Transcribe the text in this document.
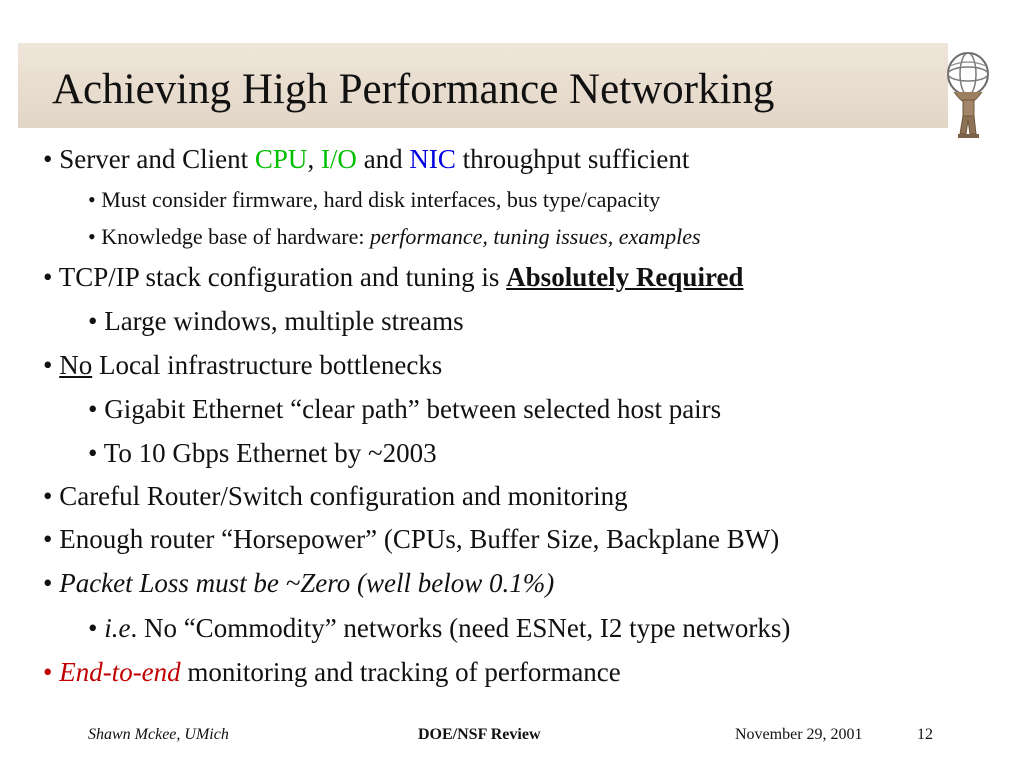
Achieving High Performance Networking
• Server and Client CPU, I/O and NIC throughput sufficient
• Must consider firmware, hard disk interfaces, bus type/capacity
• Knowledge base of hardware: performance, tuning issues, examples
• TCP/IP stack configuration and tuning is Absolutely Required
• Large windows, multiple streams
• No Local infrastructure bottlenecks
• Gigabit Ethernet “clear path” between selected host pairs
• To 10 Gbps Ethernet by ~2003
• Careful Router/Switch configuration and monitoring
• Enough router “Horsepower” (CPUs, Buffer Size, Backplane BW)
• Packet Loss must be ~Zero (well below 0.1%)
• i.e. No “Commodity” networks (need ESNet, I2 type networks)
• End-to-end monitoring and tracking of performance
Shawn Mckee, UMich	DOE/NSF Review	November 29, 2001	12
